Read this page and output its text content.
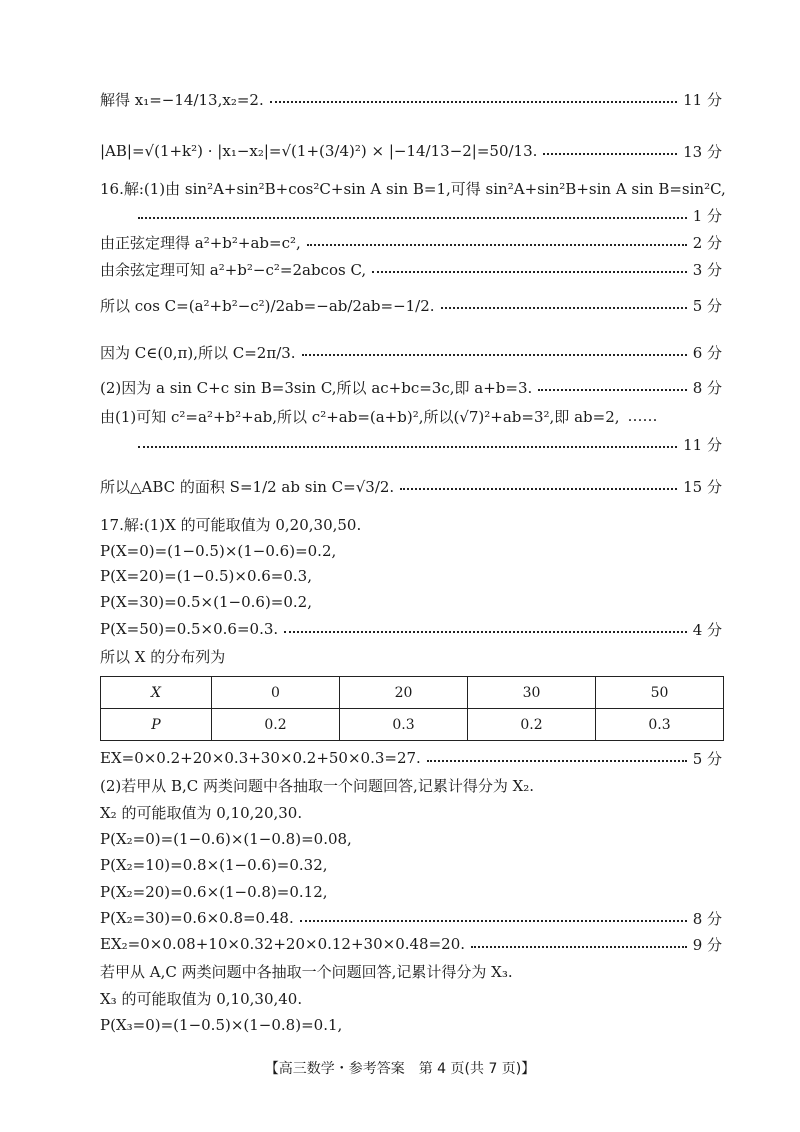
解得 x₁=−14/13,x₂=2.	11 分
|AB|=√(1+k²) · |x₁−x₂|=√(1+(3/4)²) × |−14/13−2|=50/13.	13 分
16.解:(1)由 sin²A+sin²B+cos²C+sin A sin B=1,可得 sin²A+sin²B+sin A sin B=sin²C,
1 分
由正弦定理得 a²+b²+ab=c²,	2 分
由余弦定理可知 a²+b²−c²=2abcos C,	3 分
所以 cos C=(a²+b²−c²)/2ab=−ab/2ab=−1/2.	5 分
因为 C∈(0,π),所以 C=2π/3.	6 分
(2)因为 a sin C+c sin B=3sin C,所以 ac+bc=3c,即 a+b=3.	8 分
由(1)可知 c²=a²+b²+ab,所以 c²+ab=(a+b)²,所以(√7)²+ab=3²,即 ab=2, ……
11 分
所以△ABC 的面积 S=1/2 ab sin C=√3/2.	15 分
17.解:(1)X 的可能取值为 0,20,30,50.
P(X=0)=(1−0.5)×(1−0.6)=0.2,
P(X=20)=(1−0.5)×0.6=0.3,
P(X=30)=0.5×(1−0.6)=0.2,
P(X=50)=0.5×0.6=0.3.	4 分
所以 X 的分布列为
X	0	20	30	50
P	0.2	0.3	0.2	0.3
EX=0×0.2+20×0.3+30×0.2+50×0.3=27.	5 分
(2)若甲从 B,C 两类问题中各抽取一个问题回答,记累计得分为 X₂.
X₂ 的可能取值为 0,10,20,30.
P(X₂=0)=(1−0.6)×(1−0.8)=0.08,
P(X₂=10)=0.8×(1−0.6)=0.32,
P(X₂=20)=0.6×(1−0.8)=0.12,
P(X₂=30)=0.6×0.8=0.48.	8 分
EX₂=0×0.08+10×0.32+20×0.12+30×0.48=20.	9 分
若甲从 A,C 两类问题中各抽取一个问题回答,记累计得分为 X₃.
X₃ 的可能取值为 0,10,30,40.
P(X₃=0)=(1−0.5)×(1−0.8)=0.1,
【高三数学・参考答案　第 4 页(共 7 页)】
